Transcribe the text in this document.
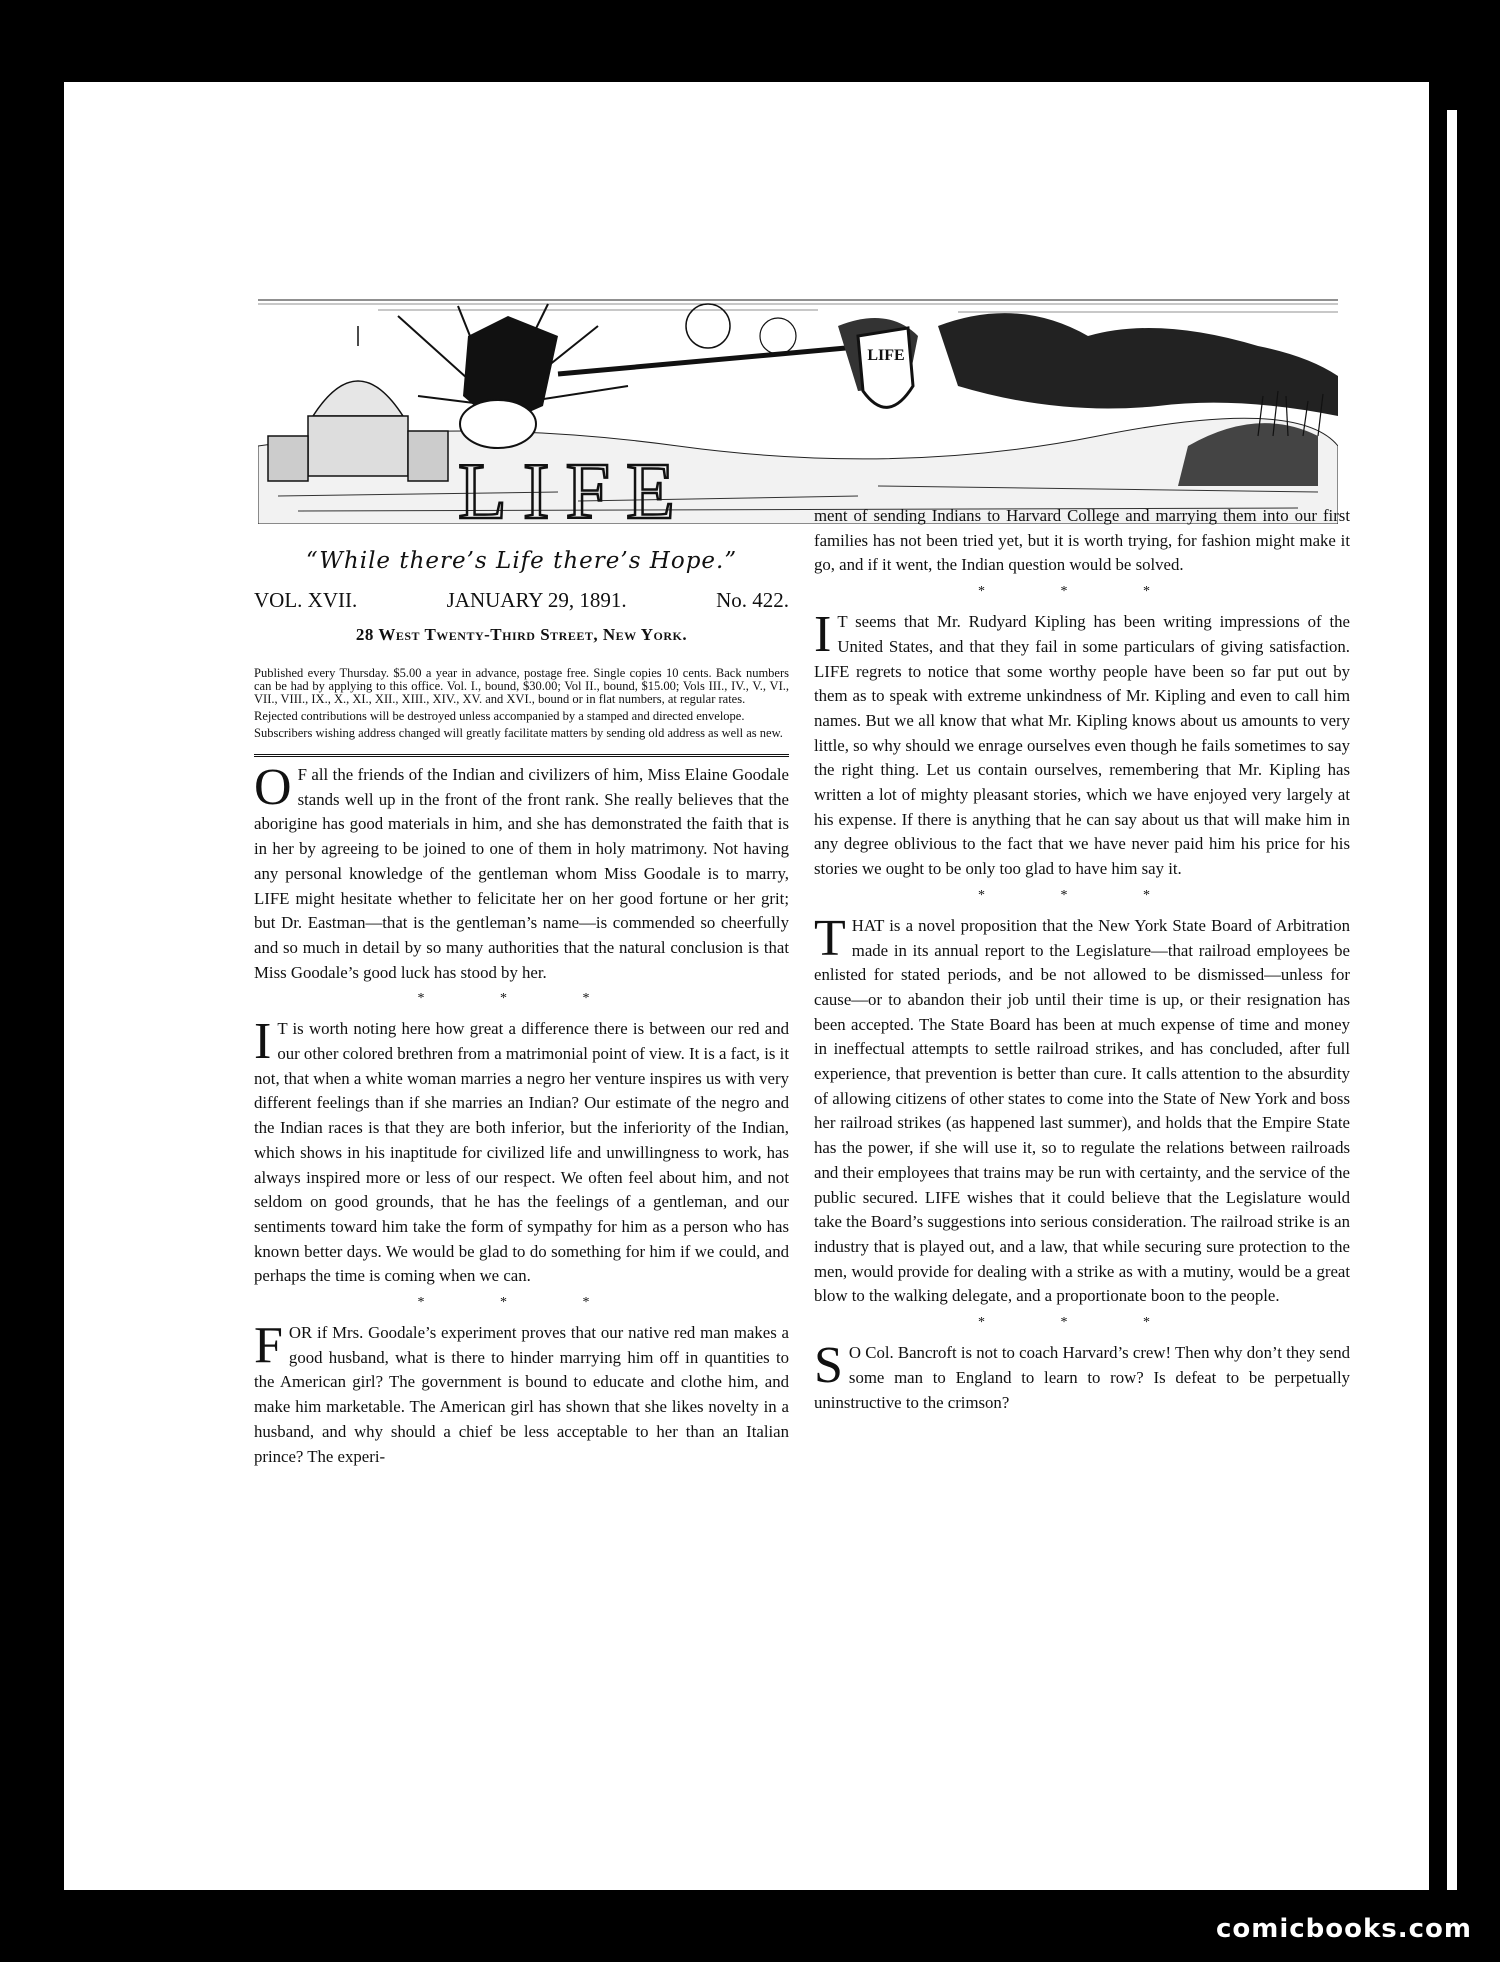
LIFE
LIFE
“While there’s Life there’s Hope.”
VOL. XVII.	JANUARY 29, 1891.	No. 422.
28 West Twenty-Third Street, New York.

Published every Thursday. $5.00 a year in advance, postage free. Single copies 10 cents. Back numbers can be had by applying to this office. Vol. I., bound, $30.00; Vol II., bound, $15.00; Vols III., IV., V., VI., VII., VIII., IX., X., XI., XII., XIII., XIV., XV. and XVI., bound or in flat numbers, at regular rates.

Rejected contributions will be destroyed unless accompanied by a stamped and directed envelope.

Subscribers wishing address changed will greatly facilitate matters by sending old address as well as new.

O F all the friends of the Indian and civilizers of him, Miss Elaine Goodale stands well up in the front of the front rank. She really believes that the aborigine has good materials in him, and she has demonstrated the faith that is in her by agreeing to be joined to one of them in holy matrimony. Not having any personal knowledge of the gentleman whom Miss Goodale is to marry, LIFE might hesitate whether to felicitate her on her good fortune or her grit; but Dr. Eastman—that is the gentleman’s name—is commended so cheerfully and so much in detail by so many authorities that the natural conclusion is that Miss Goodale’s good luck has stood by her.

* * *

I T is worth noting here how great a difference there is between our red and our other colored brethren from a matrimonial point of view. It is a fact, is it not, that when a white woman marries a negro her venture inspires us with very different feelings than if she marries an Indian? Our estimate of the negro and the Indian races is that they are both inferior, but the inferiority of the Indian, which shows in his inaptitude for civilized life and unwillingness to work, has always inspired more or less of our respect. We often feel about him, and not seldom on good grounds, that he has the feelings of a gentleman, and our sentiments toward him take the form of sympathy for him as a person who has known better days. We would be glad to do something for him if we could, and perhaps the time is coming when we can.

* * *

FOR if Mrs. Goodale’s experiment proves that our native red man makes a good husband, what is there to hinder marrying him off in quantities to the American girl? The government is bound to educate and clothe him, and make him marketable. The American girl has shown that she likes novelty in a husband, and why should a chief be less acceptable to her than an Italian prince? The experi-

ment of sending Indians to Harvard College and marrying them into our first families has not been tried yet, but it is worth trying, for fashion might make it go, and if it went, the Indian question would be solved.

* * *

I T seems that Mr. Rudyard Kipling has been writing impressions of the United States, and that they fail in some particulars of giving satisfaction. LIFE regrets to notice that some worthy people have been so far put out by them as to speak with extreme unkindness of Mr. Kipling and even to call him names. But we all know that what Mr. Kipling knows about us amounts to very little, so why should we enrage ourselves even though he fails sometimes to say the right thing. Let us contain ourselves, remembering that Mr. Kipling has written a lot of mighty pleasant stories, which we have enjoyed very largely at his expense. If there is anything that he can say about us that will make him in any degree oblivious to the fact that we have never paid him his price for his stories we ought to be only too glad to have him say it.

* * *

THAT is a novel proposition that the New York State Board of Arbitration made in its annual report to the Legislature—that railroad employees be enlisted for stated periods, and be not allowed to be dismissed—unless for cause—or to abandon their job until their time is up, or their resignation has been accepted. The State Board has been at much expense of time and money in ineffectual attempts to settle railroad strikes, and has concluded, after full experience, that prevention is better than cure. It calls attention to the absurdity of allowing citizens of other states to come into the State of New York and boss her railroad strikes (as happened last summer), and holds that the Empire State has the power, if she will use it, so to regulate the relations between railroads and their employees that trains may be run with certainty, and the service of the public secured. LIFE wishes that it could believe that the Legislature would take the Board’s suggestions into serious consideration. The railroad strike is an industry that is played out, and a law, that while securing sure protection to the men, would provide for dealing with a strike as with a mutiny, would be a great blow to the walking delegate, and a proportionate boon to the people.

* * *

S O Col. Bancroft is not to coach Harvard’s crew! Then why don’t they send some man to England to learn to row? Is defeat to be perpetually uninstructive to the crimson?

comicbooks.com
